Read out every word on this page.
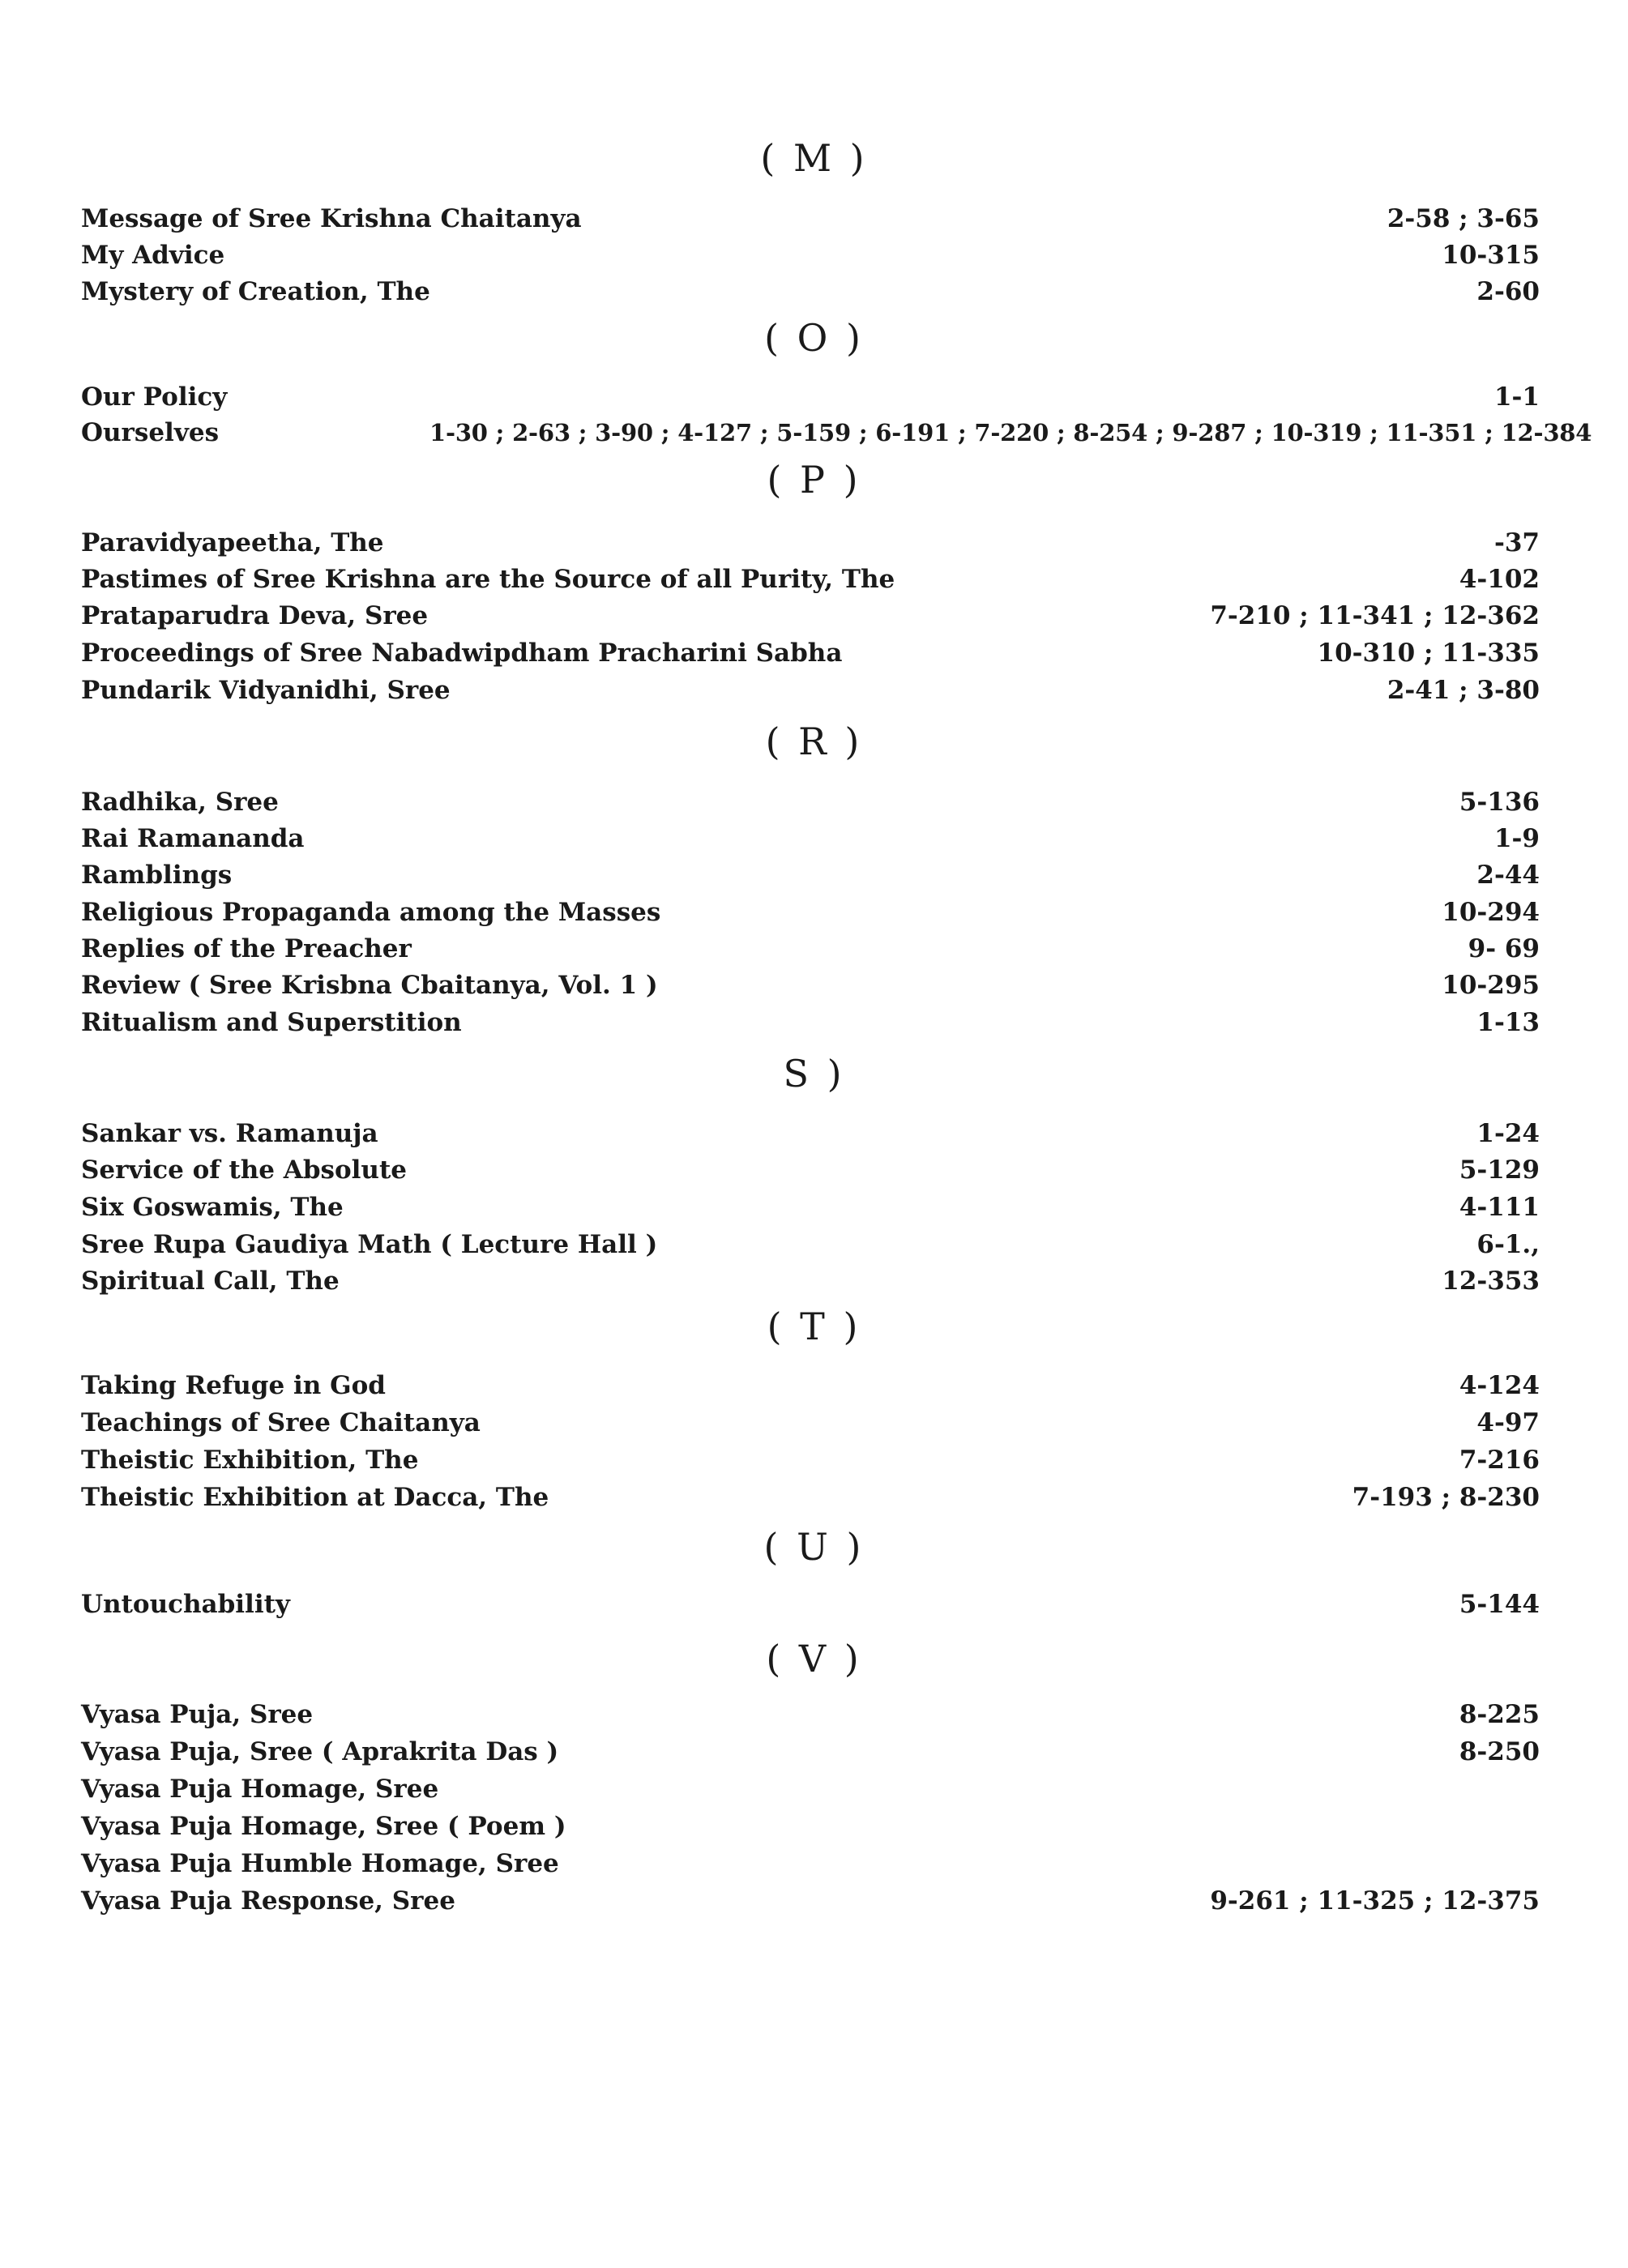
( M )
Message of Sree Krishna Chaitanya	2-58 ; 3-65
My Advice	10-315
Mystery of Creation, The	2-60
( O )
Our Policy	1-1
Ourselves	1-30 ; 2-63 ; 3-90 ; 4-127 ; 5-159 ; 6-191 ; 7-220 ; 8-254 ; 9-287 ; 10-319 ; 11-351 ; 12-384
( P )
Paravidyapeetha, The	-37
Pastimes of Sree Krishna are the Source of all Purity, The	4-102
Prataparudra Deva, Sree	7-210 ; 11-341 ; 12-362
Proceedings of Sree Nabadwipdham Pracharini Sabha	10-310 ; 11-335
Pundarik Vidyanidhi, Sree	2-41 ; 3-80
( R )
Radhika, Sree	5-136
Rai Ramananda	1-9
Ramblings	2-44
Religious Propaganda among the Masses	10-294
Replies of the Preacher	9- 69
Review ( Sree Krisbna Cbaitanya, Vol. 1 )	10-295
Ritualism and Superstition	1-13
S )
Sankar vs. Ramanuja	1-24
Service of the Absolute	5-129
Six Goswamis, The	4-111
Sree Rupa Gaudiya Math ( Lecture Hall )	6-1.,
Spiritual Call, The	12-353
( T )
Taking Refuge in God	4-124
Teachings of Sree Chaitanya	4-97
Theistic Exhibition, The	7-216
Theistic Exhibition at Dacca, The	7-193 ; 8-230
( U )
Untouchability	5-144
( V )
Vyasa Puja, Sree	8-225
Vyasa Puja, Sree ( Aprakrita Das )	8-250
Vyasa Puja Homage, Sree
Vyasa Puja Homage, Sree ( Poem )
Vyasa Puja Humble Homage, Sree
Vyasa Puja Response, Sree	9-261 ; 11-325 ; 12-375
